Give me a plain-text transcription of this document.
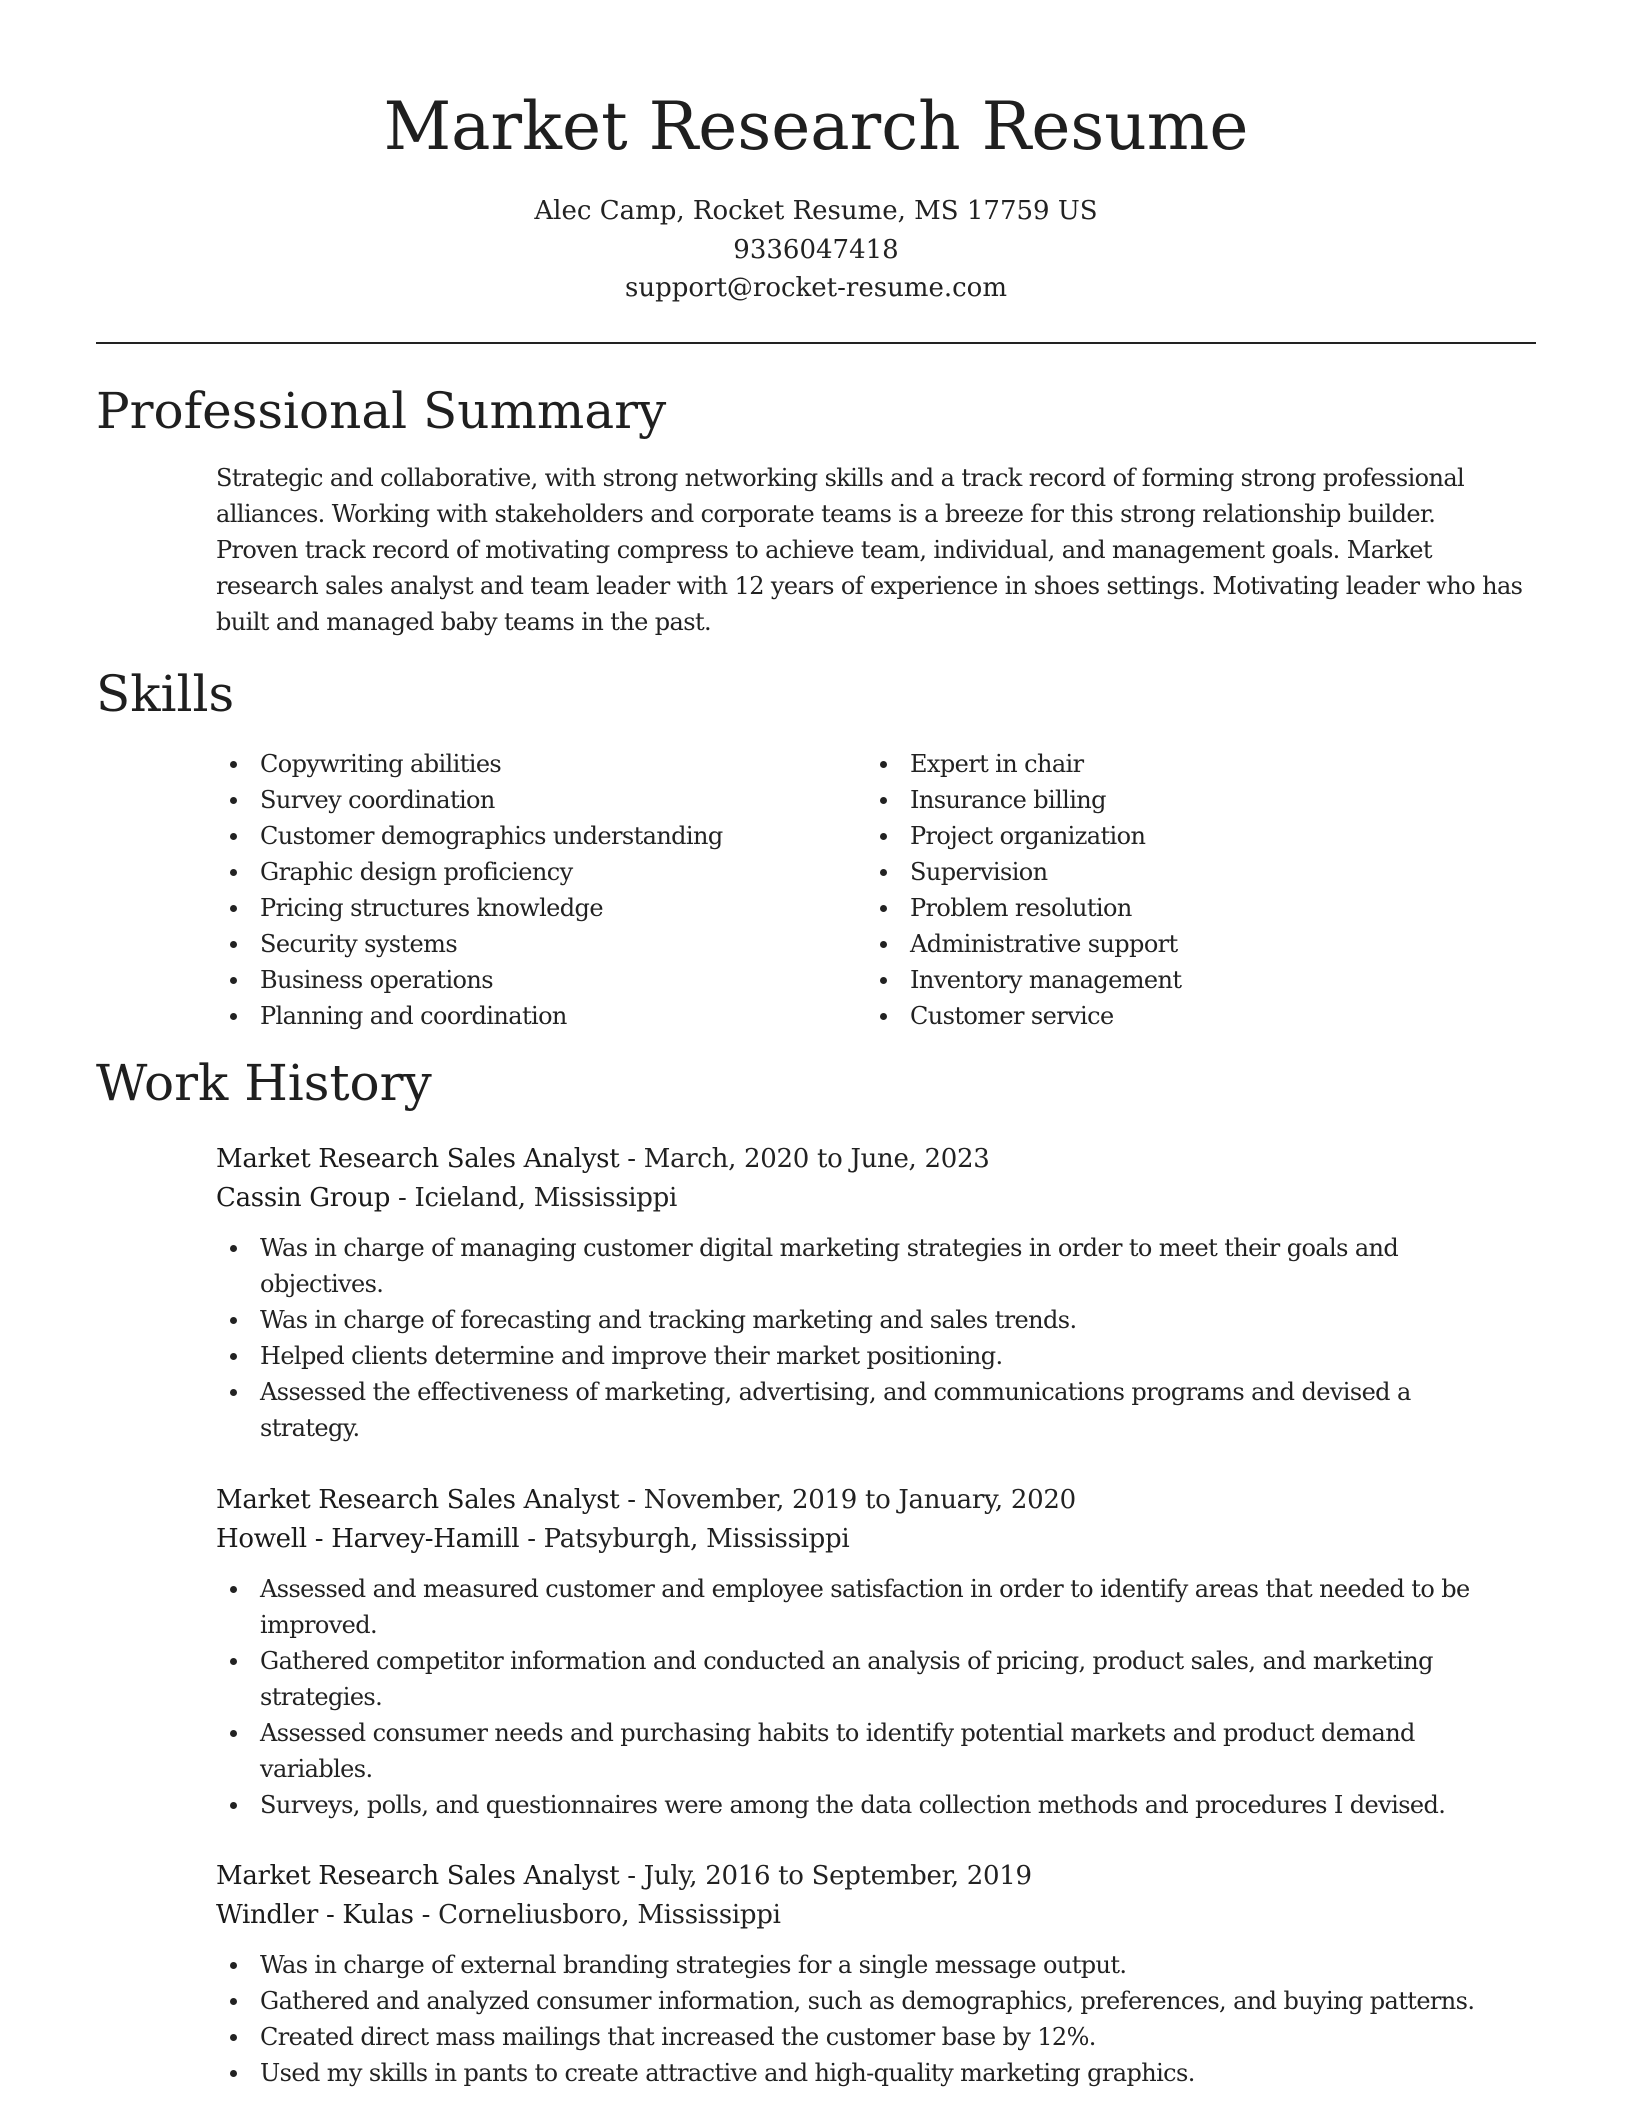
Market Research Resume
Alec Camp, Rocket Resume, MS 17759 US
9336047418
support@rocket-resume.com
Professional Summary
Strategic and collaborative, with strong networking skills and a track record of forming strong professional
alliances. Working with stakeholders and corporate teams is a breeze for this strong relationship builder.
Proven track record of motivating compress to achieve team, individual, and management goals. Market
research sales analyst and team leader with 12 years of experience in shoes settings. Motivating leader who has
built and managed baby teams in the past.
Skills
Copywriting abilities
Survey coordination
Customer demographics understanding
Graphic design proficiency
Pricing structures knowledge
Security systems
Business operations
Planning and coordination
Expert in chair
Insurance billing
Project organization
Supervision
Problem resolution
Administrative support
Inventory management
Customer service
Work History
Market Research Sales Analyst - March, 2020 to June, 2023
Cassin Group - Icieland, Mississippi
Was in charge of managing customer digital marketing strategies in order to meet their goals and objectives.
Was in charge of forecasting and tracking marketing and sales trends.
Helped clients determine and improve their market positioning.
Assessed the effectiveness of marketing, advertising, and communications programs and devised a strategy.
Market Research Sales Analyst - November, 2019 to January, 2020
Howell - Harvey-Hamill - Patsyburgh, Mississippi
Assessed and measured customer and employee satisfaction in order to identify areas that needed to be improved.
Gathered competitor information and conducted an analysis of pricing, product sales, and marketing strategies.
Assessed consumer needs and purchasing habits to identify potential markets and product demand variables.
Surveys, polls, and questionnaires were among the data collection methods and procedures I devised.
Market Research Sales Analyst - July, 2016 to September, 2019
Windler - Kulas - Corneliusboro, Mississippi
Was in charge of external branding strategies for a single message output.
Gathered and analyzed consumer information, such as demographics, preferences, and buying patterns.
Created direct mass mailings that increased the customer base by 12%.
Used my skills in pants to create attractive and high-quality marketing graphics.
